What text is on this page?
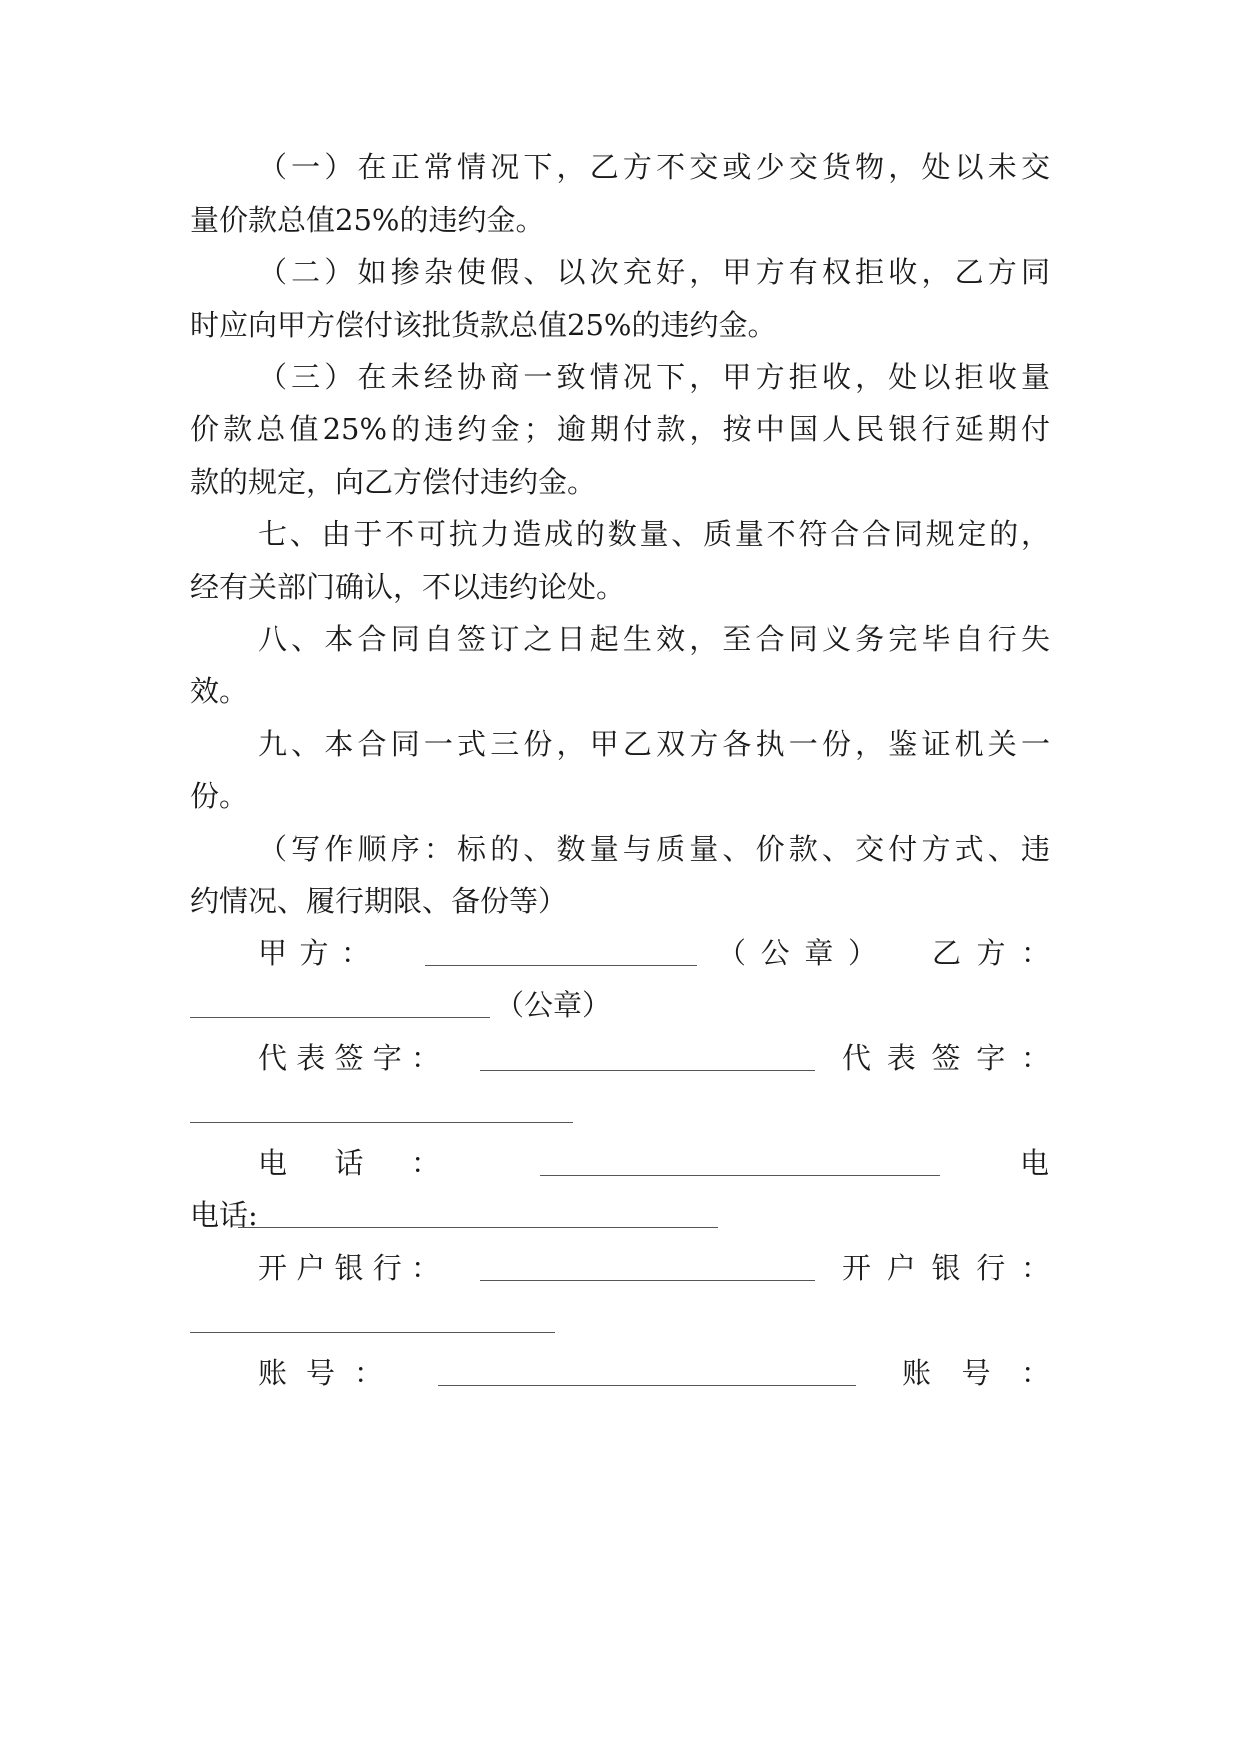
（一）在正常情况下，乙方不交或少交货物，处以未交
量价款总值25%的违约金。
（二）如掺杂使假、以次充好，甲方有权拒收，乙方同
时应向甲方偿付该批货款总值25%的违约金。
（三）在未经协商一致情况下，甲方拒收，处以拒收量
价款总值25%的违约金；逾期付款，按中国人民银行延期付
款的规定，向乙方偿付违约金。
七、由于不可抗力造成的数量、质量不符合合同规定的，
经有关部门确认，不以违约论处。
八、本合同自签订之日起生效，至合同义务完毕自行失
效。
九、本合同一式三份，甲乙双方各执一份，鉴证机关一
份。
（写作顺序：标的、数量与质量、价款、交付方式、违
约情况、履行期限、备份等）
甲方：	（公章） 乙方：
（公章）
代表签字：	代表签字：
电话：	电
电话:
开户银行：	开户银行：
账号：	账号：
